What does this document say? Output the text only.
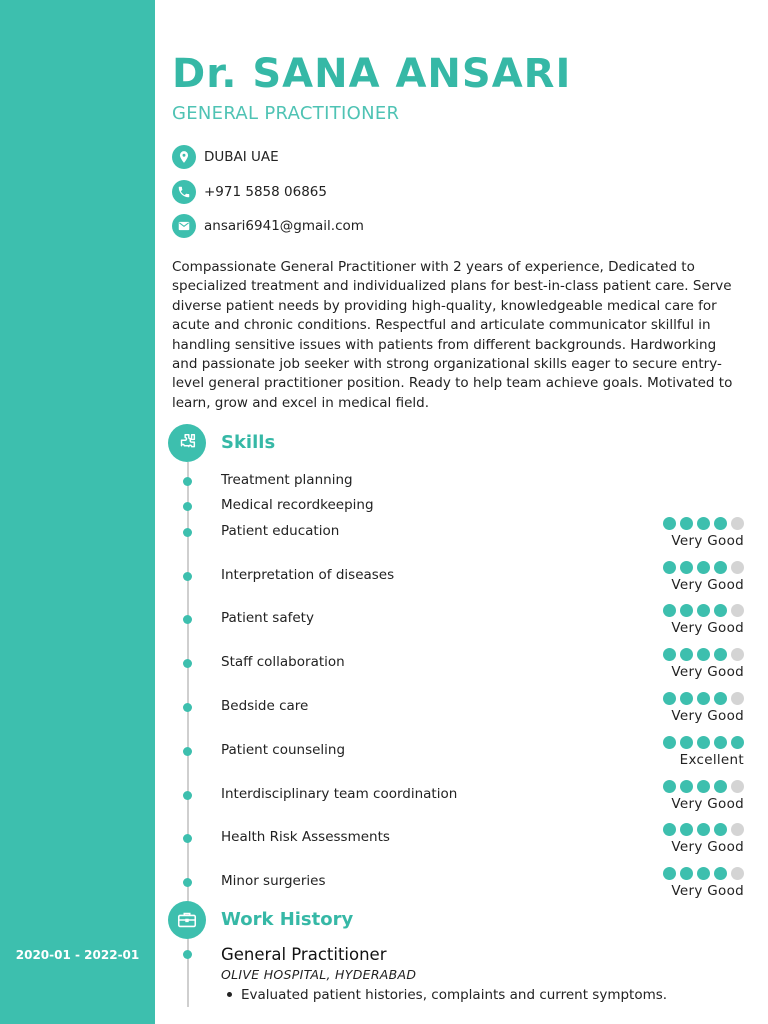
2020-01 - 2022-01
Dr. SANA ANSARI
GENERAL PRACTITIONER
DUBAI UAE
+971 5858 06865
ansari6941@gmail.com

Compassionate General Practitioner with 2 years of experience, Dedicated to specialized treatment and individualized plans for best-in-class patient care. Serve diverse patient needs by providing high-quality, knowledgeable medical care for acute and chronic conditions. Respectful and articulate communicator skillful in handling sensitive issues with patients from different backgrounds. Hardworking and passionate job seeker with strong organizational skills eager to secure entry-level general practitioner position. Ready to help team achieve goals. Motivated to learn, grow and excel in medical field.

Skills
Treatment planning
Medical recordkeeping
Patient education
Very Good
Interpretation of diseases
Very Good
Patient safety
Very Good
Staff collaboration
Very Good
Bedside care
Very Good
Patient counseling
Excellent
Interdisciplinary team coordination
Very Good
Health Risk Assessments
Very Good
Minor surgeries
Very Good
Work History
General Practitioner
OLIVE HOSPITAL, HYDERABAD
Evaluated patient histories, complaints and current symptoms.
